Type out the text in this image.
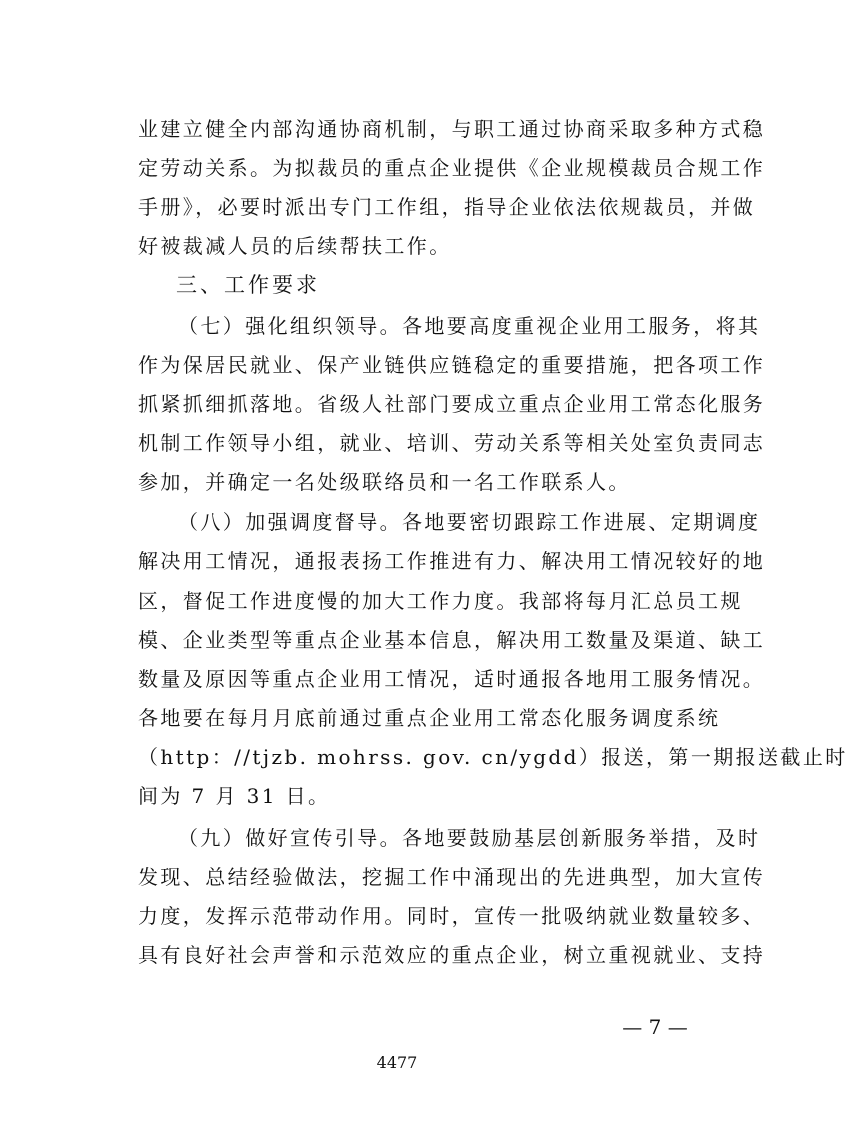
业建立健全内部沟通协商机制，与职工通过协商采取多种方式稳
定劳动关系。为拟裁员的重点企业提供《企业规模裁员合规工作
手册》，必要时派出专门工作组，指导企业依法依规裁员，并做
好被裁减人员的后续帮扶工作。
三、工作要求
（七）强化组织领导。各地要高度重视企业用工服务，将其
作为保居民就业、保产业链供应链稳定的重要措施，把各项工作
抓紧抓细抓落地。省级人社部门要成立重点企业用工常态化服务
机制工作领导小组，就业、培训、劳动关系等相关处室负责同志
参加，并确定一名处级联络员和一名工作联系人。
（八）加强调度督导。各地要密切跟踪工作进展、定期调度
解决用工情况，通报表扬工作推进有力、解决用工情况较好的地
区，督促工作进度慢的加大工作力度。我部将每月汇总员工规
模、企业类型等重点企业基本信息，解决用工数量及渠道、缺工
数量及原因等重点企业用工情况，适时通报各地用工服务情况。
各地要在每月月底前通过重点企业用工常态化服务调度系统
（http：//tjzb. mohrss. gov. cn/ygdd）报送，第一期报送截止时
间为 7 月 31 日。
（九）做好宣传引导。各地要鼓励基层创新服务举措，及时
发现、总结经验做法，挖掘工作中涌现出的先进典型，加大宣传
力度，发挥示范带动作用。同时，宣传一批吸纳就业数量较多、
具有良好社会声誉和示范效应的重点企业，树立重视就业、支持
— 7 —
4477
